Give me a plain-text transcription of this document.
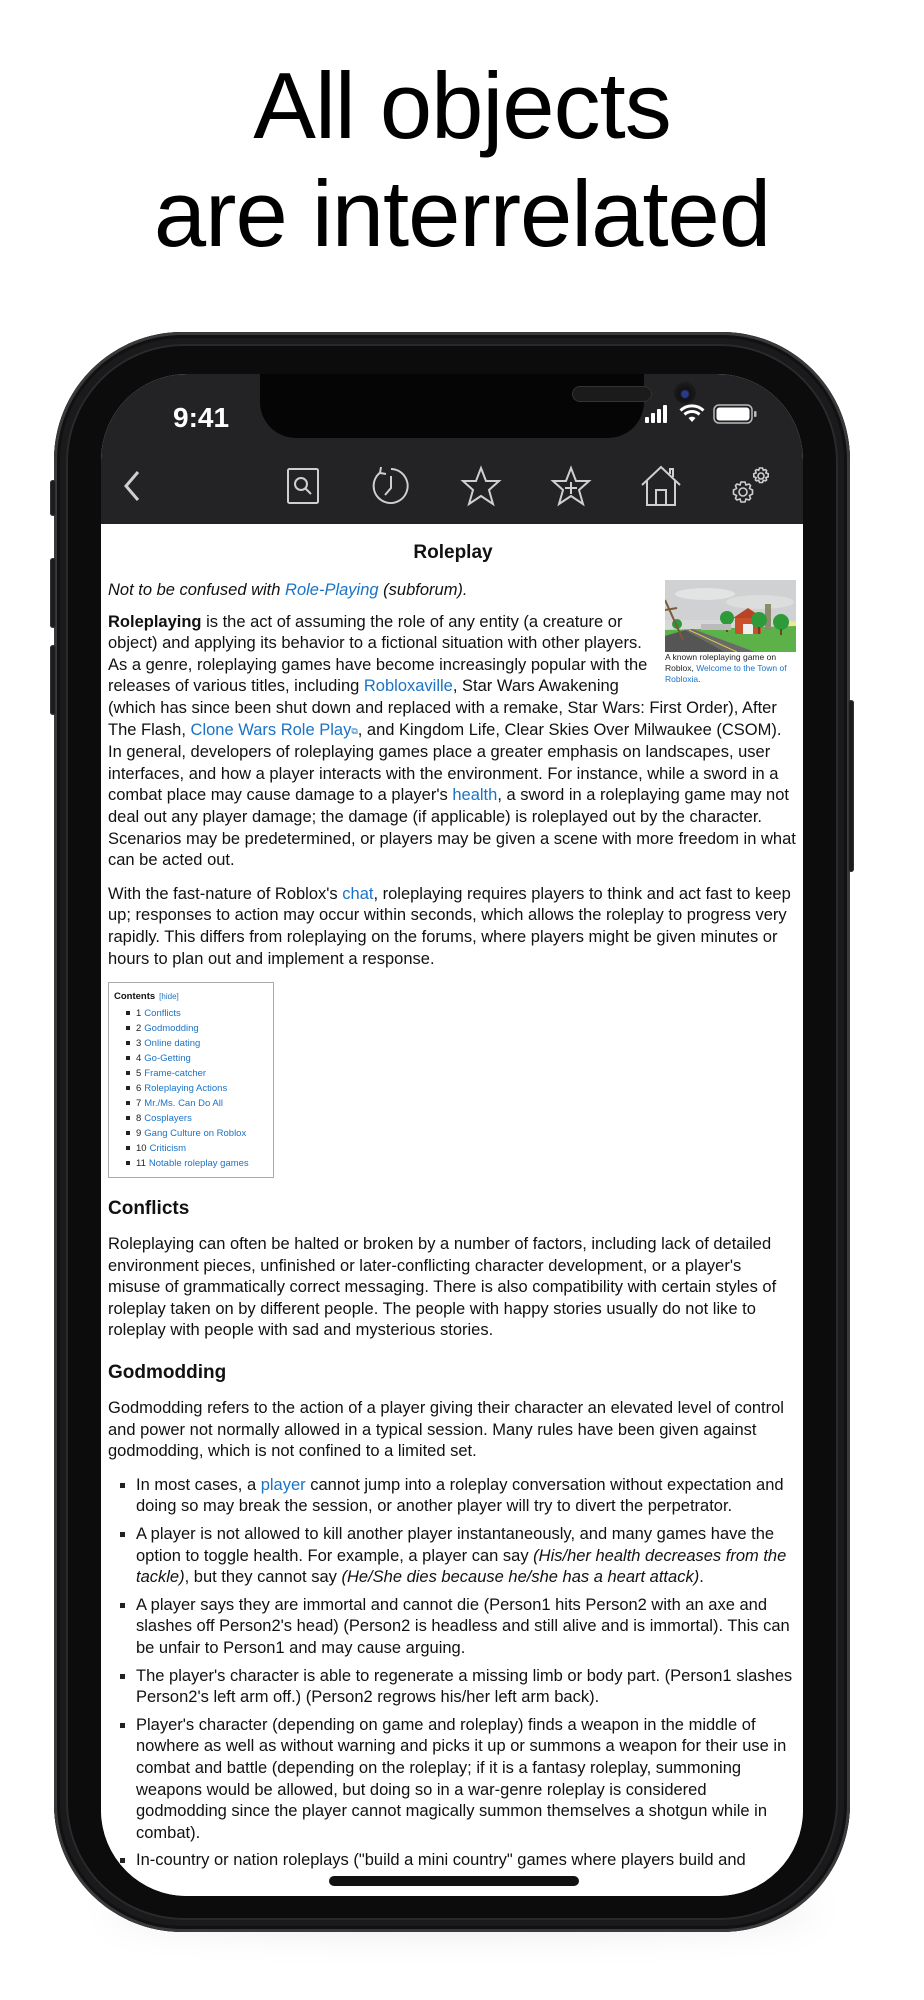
All objects
are interrelated
9:41
Roleplay
A known roleplaying game on Roblox, Welcome to the Town of Robloxia.

Not to be confused with Role-Playing (subforum).

Roleplaying is the act of assuming the role of any entity (a creature or object) and applying its behavior to a fictional situation with other players. As a genre, roleplaying games have become increasingly popular with the releases of various titles, including Robloxaville, Star Wars Awakening (which has since been shut down and replaced with a remake, Star Wars: First Order), After The Flash, Clone Wars Role Play⧉, and Kingdom Life, Clear Skies Over Milwaukee (CSOM). In general, developers of roleplaying games place a greater emphasis on landscapes, user interfaces, and how a player interacts with the environment. For instance, while a sword in a combat place may cause damage to a player's health, a sword in a roleplaying game may not deal out any player damage; the damage (if applicable) is roleplayed out by the character. Scenarios may be predetermined, or players may be given a scene with more freedom in what can be acted out.

With the fast-nature of Roblox's chat, roleplaying requires players to think and act fast to keep up; responses to action may occur within seconds, which allows the roleplay to progress very rapidly. This differs from roleplaying on the forums, where players might be given minutes or hours to plan out and implement a response.

Contents [hide]
1 Conflicts
2 Godmodding
3 Online dating
4 Go-Getting
5 Frame-catcher
6 Roleplaying Actions
7 Mr./Ms. Can Do All
8 Cosplayers
9 Gang Culture on Roblox
10 Criticism
11 Notable roleplay games
Conflicts

Roleplaying can often be halted or broken by a number of factors, including lack of detailed environment pieces, unfinished or later-conflicting character development, or a player's misuse of grammatically correct messaging. There is also compatibility with certain styles of roleplay taken on by different people. The people with happy stories usually do not like to roleplay with people with sad and mysterious stories.

Godmodding

Godmodding refers to the action of a player giving their character an elevated level of control and power not normally allowed in a typical session. Many rules have been given against godmodding, which is not confined to a limited set.

In most cases, a player cannot jump into a roleplay conversation without expectation and doing so may break the session, or another player will try to divert the perpetrator.
A player is not allowed to kill another player instantaneously, and many games have the option to toggle health. For example, a player can say (His/her health decreases from the tackle), but they cannot say (He/She dies because he/she has a heart attack).
A player says they are immortal and cannot die (Person1 hits Person2 with an axe and slashes off Person2's head) (Person2 is headless and still alive and is immortal). This can be unfair to Person1 and may cause arguing.
The player's character is able to regenerate a missing limb or body part. (Person1 slashes Person2's left arm off.) (Person2 regrows his/her left arm back).
Player's character (depending on game and roleplay) finds a weapon in the middle of nowhere as well as without warning and picks it up or summons a weapon for their use in combat and battle (depending on the roleplay; if it is a fantasy roleplay, summoning weapons would be allowed, but doing so in a war-genre roleplay is considered godmodding since the player cannot magically summon themselves a shotgun while in combat).
In-country or nation roleplays ("build a mini country" games where players build and
